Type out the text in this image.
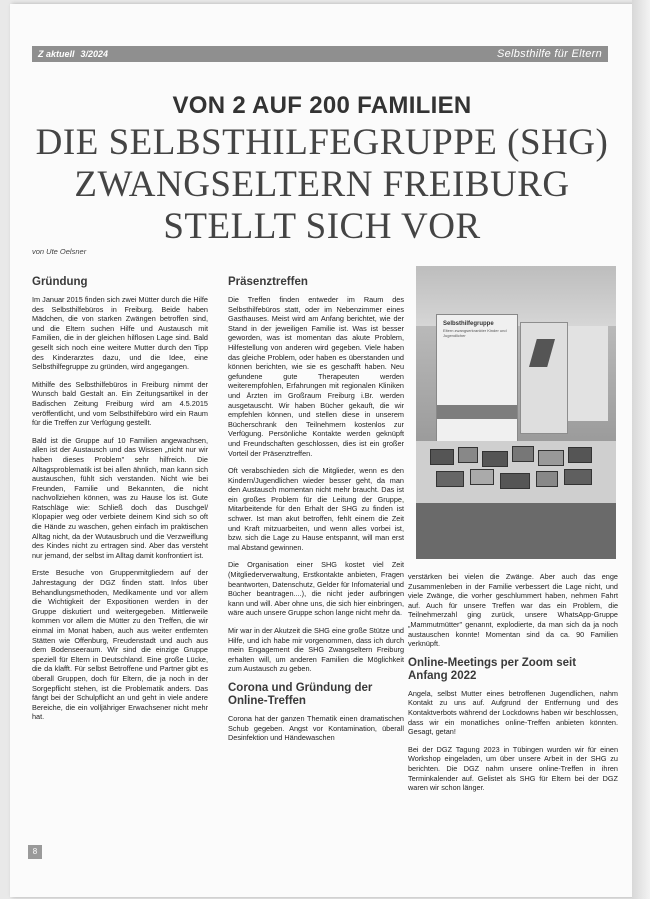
Z aktuell 3/2024	Selbsthilfe für Eltern
VON 2 AUF 200 FAMILIEN
DIE SELBSTHILFEGRUPPE (SHG)
ZWANGSELTERN FREIBURG
STELLT SICH VOR
von Ute Oelsner
Gründung

Im Januar 2015 finden sich zwei Mütter durch die Hilfe des Selbsthilfebüros in Freiburg. Beide haben Mädchen, die von starken Zwängen betroffen sind, und die Eltern suchen Hilfe und Austausch mit Familien, die in der gleichen hilflosen Lage sind. Bald gesellt sich noch eine weitere Mutter durch den Tipp des Kinderarztes dazu, und die Idee, eine Selbsthilfegruppe zu gründen, wird angegangen.

Mithilfe des Selbsthilfebüros in Freiburg nimmt der Wunsch bald Gestalt an. Ein Zeitungsartikel in der Badischen Zeitung Freiburg wird am 4.5.2015 veröffentlicht, und vom Selbsthilfebüro wird ein Raum für die Treffen zur Verfügung gestellt.

Bald ist die Gruppe auf 10 Familien angewachsen, allen ist der Austausch und das Wissen „nicht nur wir haben dieses Problem" sehr hilfreich. Die Alltagsproblematik ist bei allen ähnlich, man kann sich austauschen, fühlt sich verstanden. Nicht wie bei Freunden, Familie und Bekannten, die nicht nachvollziehen können, was zu Hause los ist. Gute Ratschläge wie: Schließ doch das Duschgel/ Klopapier weg oder verbiete deinem Kind sich so oft die Hände zu waschen, gehen einfach im praktischen Alltag nicht, da der Wutausbruch und die Verzweiflung des Kindes nicht zu ertragen sind. Aber das versteht nur jemand, der selbst im Alltag damit konfrontiert ist.

Erste Besuche von Gruppenmitgliedern auf der Jahrestagung der DGZ finden statt. Infos über Behandlungsmethoden, Medikamente und vor allem die Wichtigkeit der Expositionen werden in der Gruppe diskutiert und weitergegeben. Mittlerweile kommen vor allem die Mütter zu den Treffen, die wir einmal im Monat haben, auch aus weiter entfernten Stätten wie Offenburg, Freudenstadt und auch aus dem Bodenseeraum. Wir sind die einzige Gruppe speziell für Eltern in Deutschland. Eine große Lücke, die da klafft. Für selbst Betroffene und Partner gibt es überall Gruppen, doch für Eltern, die ja noch in der Sorgepflicht stehen, ist die Problematik anders. Das fängt bei der Schulpflicht an und geht in viele andere Bereiche, die ein volljähriger Erwachsener nicht mehr hat.

Präsenztreffen

Die Treffen finden entweder im Raum des Selbsthilfebüros statt, oder im Nebenzimmer eines Gasthauses. Meist wird am Anfang berichtet, wie der Stand in der jeweiligen Familie ist. Was ist besser geworden, was ist momentan das akute Problem, Hilfestellung von anderen wird gegeben. Viele haben das gleiche Problem, oder haben es überstanden und können berichten, wie sie es geschafft haben. Neu gefundene gute Therapeuten werden weiterempfohlen, Erfahrungen mit regionalen Kliniken und Ärzten im Großraum Freiburg i.Br. werden ausgetauscht. Wir haben Bücher gekauft, die wir empfehlen können, und stellen diese in unserem Bücherschrank den Teilnehmern kostenlos zur Verfügung. Persönliche Kontakte werden geknüpft und Freundschaften geschlossen, dies ist ein großer Vorteil der Präsenztreffen.

Oft verabschieden sich die Mitglieder, wenn es den Kindern/Jugendlichen wieder besser geht, da man den Austausch momentan nicht mehr braucht. Das ist ein großes Problem für die Leitung der Gruppe, Mitarbeitende für den Erhalt der SHG zu finden ist schwer. Ist man akut betroffen, fehlt einem die Zeit und Kraft mitzuarbeiten, und wenn alles vorbei ist, bzw. sich die Lage zu Hause entspannt, will man erst mal Abstand gewinnen.

Die Organisation einer SHG kostet viel Zeit (Mitgliederverwaltung, Erstkontakte anbieten, Fragen beantworten, Datenschutz, Gelder für Infomaterial und Bücher beantragen....), die nicht jeder aufbringen kann und will. Aber ohne uns, die sich hier einbringen, wäre auch unsere Gruppe schon lange nicht mehr da.

Mir war in der Akutzeit die SHG eine große Stütze und Hilfe, und ich habe mir vorgenommen, dass ich durch mein Engagement die SHG Zwangseltern Freiburg erhalten will, um anderen Familien die Möglichkeit zum Austausch zu geben.

Corona und Gründung der Online-Treffen

Corona hat der ganzen Thematik einen dramatischen Schub gegeben. Angst vor Kontamination, überall Desinfektion und Händewaschen

Selbsthilfegruppe
Eltern zwangserkrankter Kinder und Jugendlicher

verstärken bei vielen die Zwänge. Aber auch das enge Zusammenleben in der Familie verbessert die Lage nicht, und viele Zwänge, die vorher geschlummert haben, nehmen Fahrt auf. Auch für unsere Treffen war das ein Problem, die Teilnehmerzahl ging zurück, unsere WhatsApp-Gruppe „Mammutmütter" genannt, explodierte, da man sich da ja noch austauschen konnte! Momentan sind da ca. 90 Familien verknüpft.

Online-Meetings per Zoom seit Anfang 2022

Angela, selbst Mutter eines betroffenen Jugendlichen, nahm Kontakt zu uns auf. Aufgrund der Entfernung und des Kontaktverbots während der Lockdowns haben wir beschlossen, dass wir ein monatliches online-Treffen anbieten könnten. Gesagt, getan!

Bei der DGZ Tagung 2023 in Tübingen wurden wir für einen Workshop eingeladen, um über unsere Arbeit in der SHG zu berichten. Die DGZ nahm unsere online-Treffen in ihren Terminkalender auf. Gelistet als SHG für Eltern bei der DGZ waren wir schon länger.

8
